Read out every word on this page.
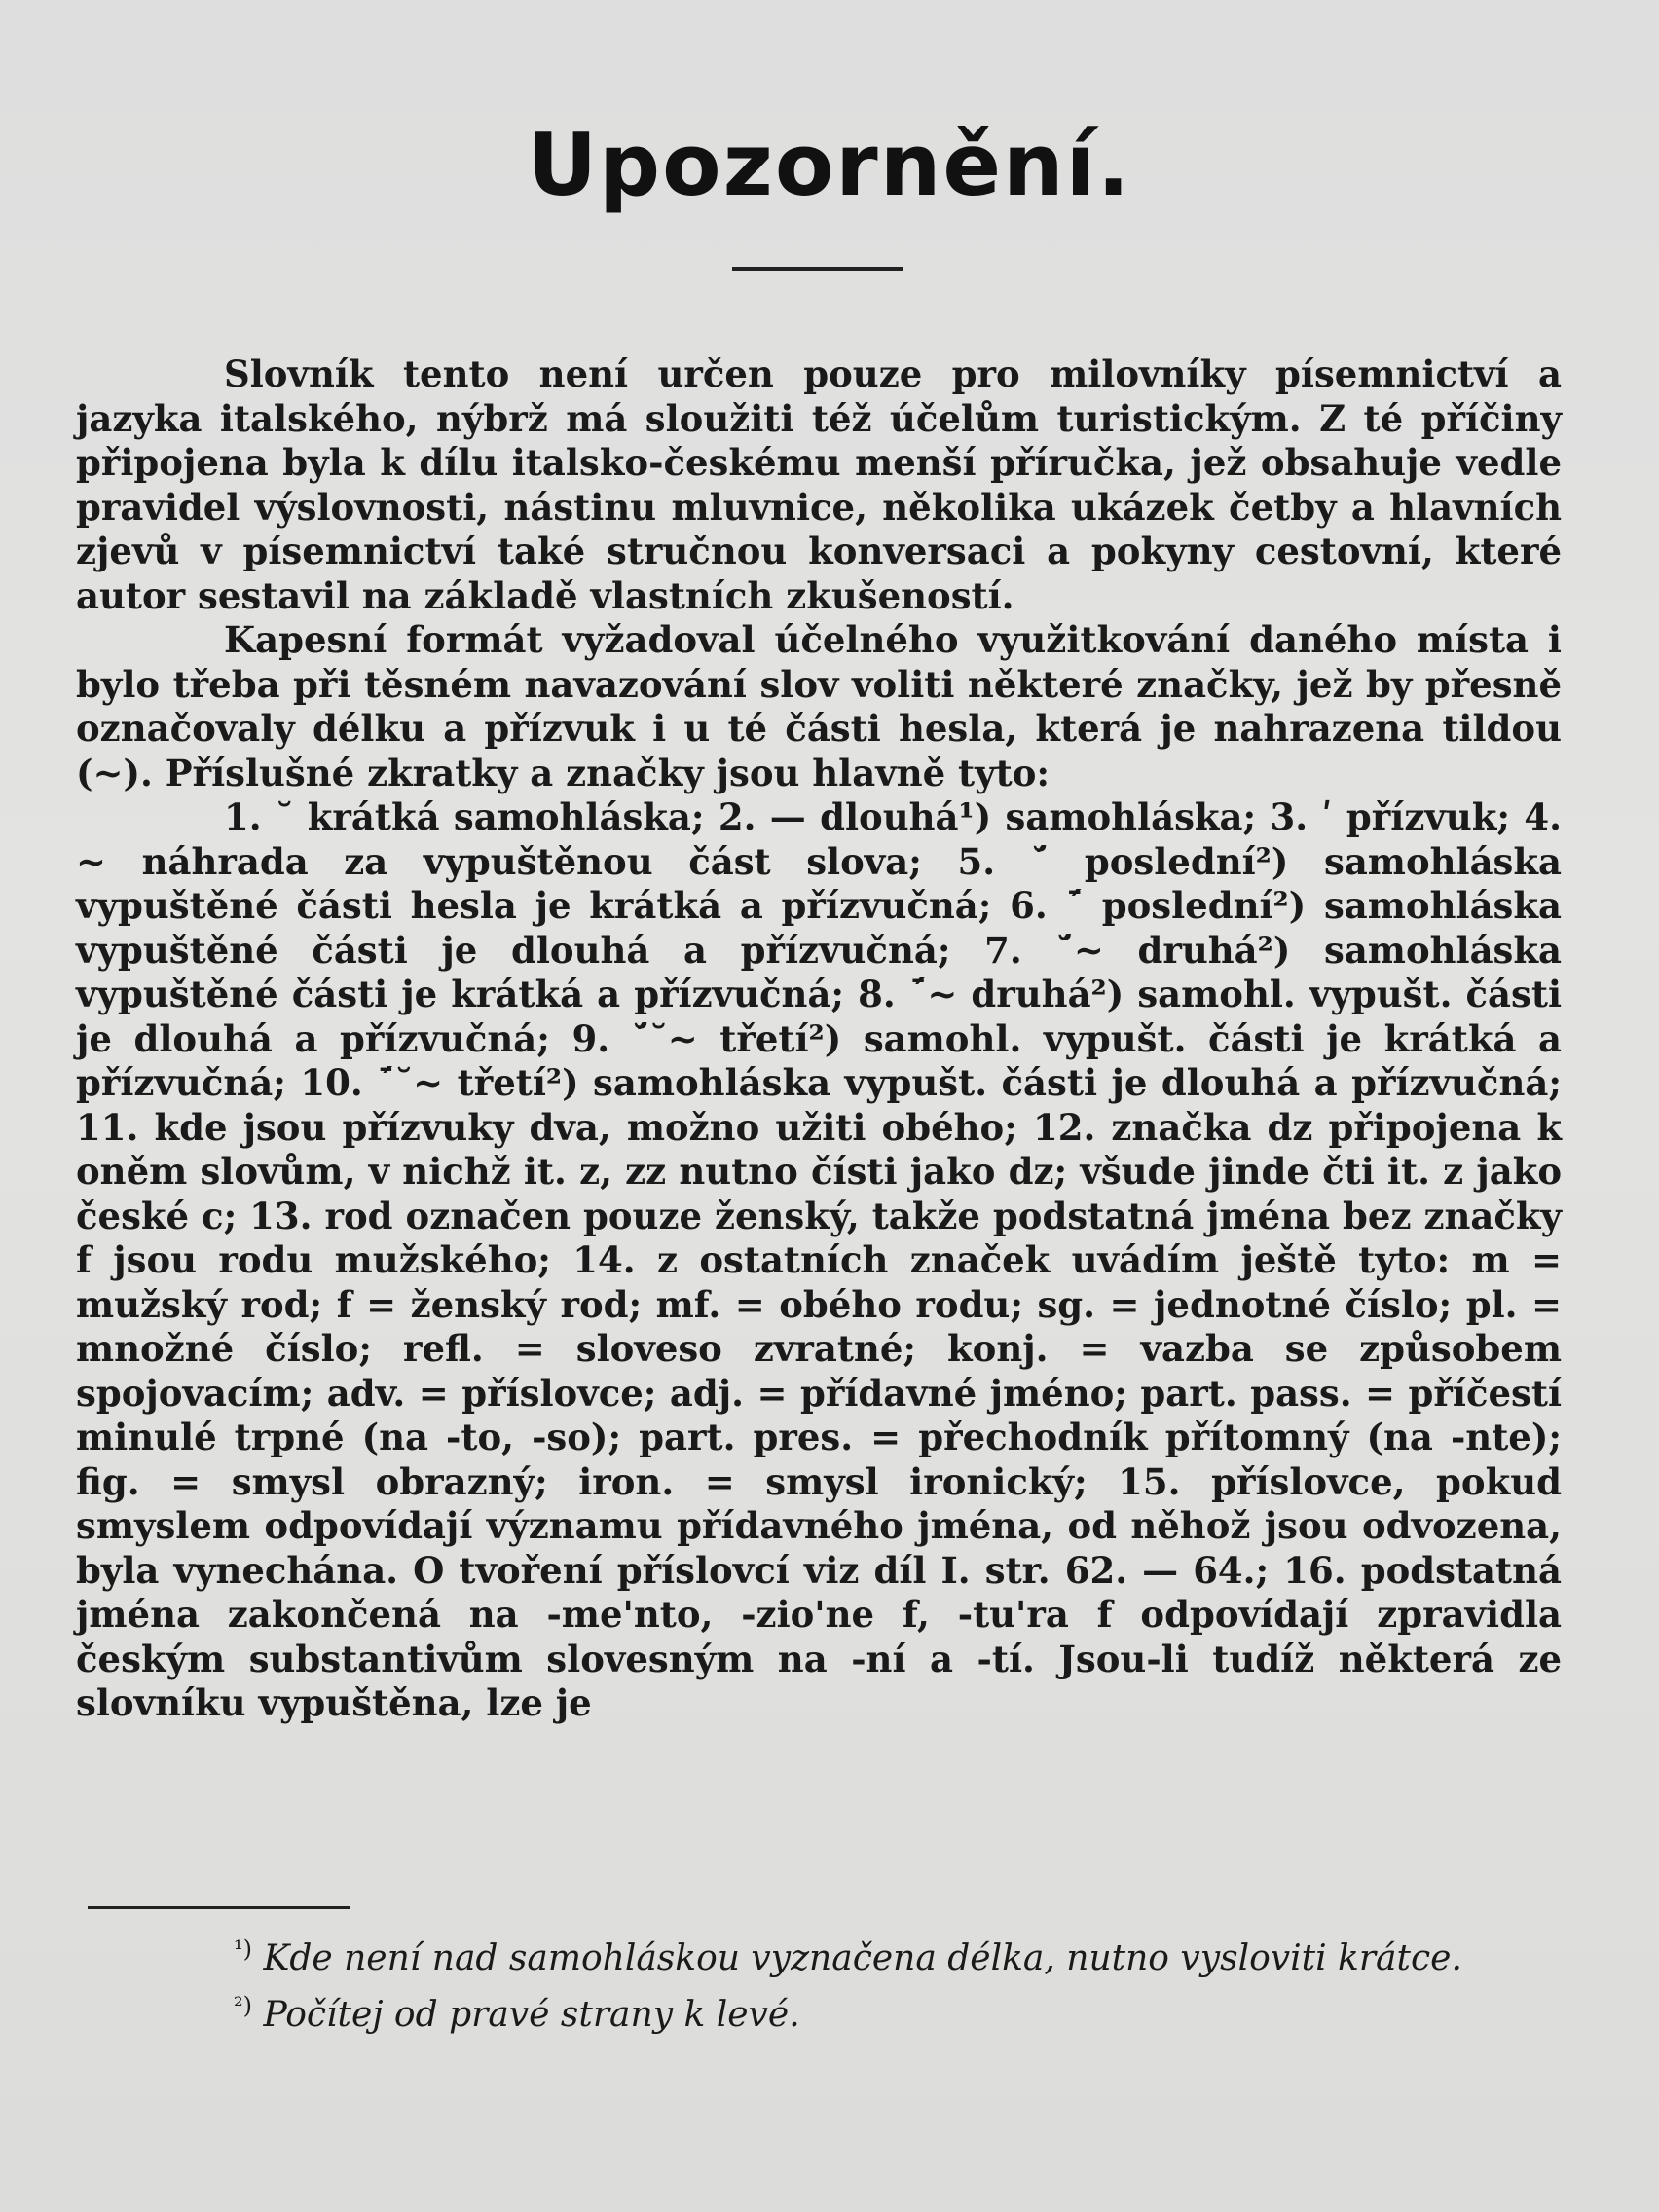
Upozornění.

Slovník tento není určen pouze pro milovníky písemnictví a jazyka italského, nýbrž má sloužiti též účelům turistickým. Z té příčiny připojena byla k dílu italsko-českému menší příručka, jež obsahuje vedle pravidel výslovnosti, nástinu mluvnice, několika ukázek četby a hlavních zjevů v písemnictví také stručnou konversaci a pokyny cestovní, které autor sestavil na základě vlastních zkušeností.

Kapesní formát vyžadoval účelného využitkování daného místa i bylo třeba při těsném navazování slov voliti některé značky, jež by přesně označovaly délku a přízvuk i u té části hesla, která je nahrazena tildou (~). Příslušné zkratky a značky jsou hlavně tyto:

1. ˘ krátká samohláska; 2. — dlouhá¹) samohláska; 3. ʹ přízvuk; 4. ~ náhrada za vypuštěnou část slova; 5. ˘́ poslední²) samohláska vypuštěné části hesla je krátká a přízvučná; 6. ¯́ poslední²) samohláska vypuštěné části je dlouhá a přízvučná; 7. ˘́~ druhá²) samohláska vypuštěné části je krátká a přízvučná; 8. ¯́~ druhá²) samohl. vypušt. části je dlouhá a přízvučná; 9. ˘́˘~ třetí²) samohl. vypušt. části je krátká a přízvučná; 10. ¯́˘~ třetí²) samohláska vypušt. části je dlouhá a přízvučná; 11. kde jsou přízvuky dva, možno užiti obého; 12. značka dz připojena k oněm slovům, v nichž it. z, zz nutno čísti jako dz; všude jinde čti it. z jako české c; 13. rod označen pouze ženský, takže podstatná jména bez značky f jsou rodu mužského; 14. z ostatních značek uvádím ještě tyto: m = mužský rod; f = ženský rod; mf. = obého rodu; sg. = jednotné číslo; pl. = množné číslo; refl. = sloveso zvratné; konj. = vazba se způsobem spojovacím; adv. = příslovce; adj. = přídavné jméno; part. pass. = příčestí minulé trpné (na -to, -so); part. pres. = přechodník přítomný (na -nte); fig. = smysl obrazný; iron. = smysl ironický; 15. příslovce, pokud smyslem odpovídají významu přídavného jména, od něhož jsou odvozena, byla vynechána. O tvoření příslovcí viz díl I. str. 62. — 64.; 16. podstatná jména zakončená na -me'nto, -zio'ne f, -tu'ra f odpovídají zpravidla českým substantivům slovesným na -ní a -tí. Jsou-li tudíž některá ze slovníku vypuštěna, lze je

$^{^1)}$ Kde není nad samohláskou vyznačena délka, nutno vysloviti krátce.
$^{^2)}$ Počítej od pravé strany k levé.
